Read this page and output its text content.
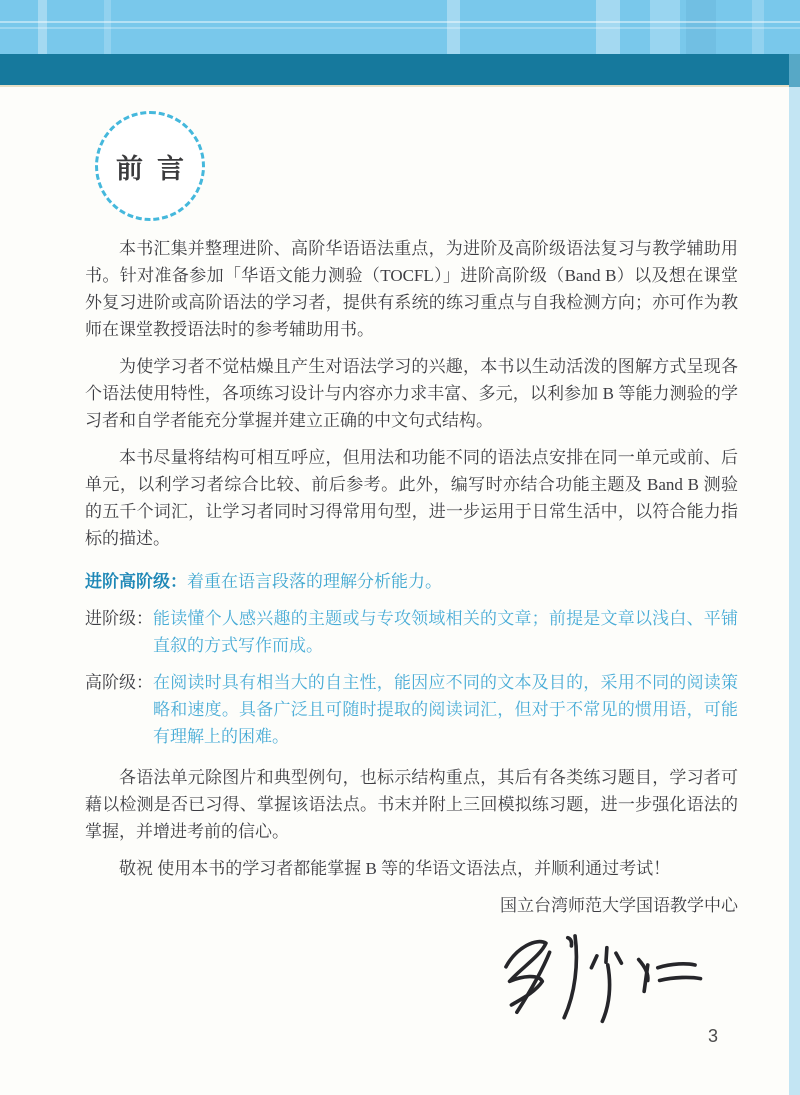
前言

本书汇集并整理进阶、高阶华语语法重点，为进阶及高阶级语法复习与教学辅助用书。针对准备参加「华语文能力测验（TOCFL）」进阶高阶级（Band B）以及想在课堂外复习进阶或高阶语法的学习者，提供有系统的练习重点与自我检测方向；亦可作为教师在课堂教授语法时的参考辅助用书。

为使学习者不觉枯燥且产生对语法学习的兴趣，本书以生动活泼的图解方式呈现各个语法使用特性，各项练习设计与内容亦力求丰富、多元，以利参加 B 等能力测验的学习者和自学者能充分掌握并建立正确的中文句式结构。

本书尽量将结构可相互呼应，但用法和功能不同的语法点安排在同一单元或前、后单元，以利学习者综合比较、前后参考。此外，编写时亦结合功能主题及 Band B 测验的五千个词汇，让学习者同时习得常用句型，进一步运用于日常生活中，以符合能力指标的描述。

进阶高阶级： 着重在语言段落的理解分析能力。
进阶级： 能读懂个人感兴趣的主题或与专攻领域相关的文章；前提是文章以浅白、平铺直叙的方式写作而成。
高阶级： 在阅读时具有相当大的自主性，能因应不同的文本及目的，采用不同的阅读策略和速度。具备广泛且可随时提取的阅读词汇，但对于不常见的惯用语，可能有理解上的困难。

各语法单元除图片和典型例句，也标示结构重点，其后有各类练习题目，学习者可藉以检测是否已习得、掌握该语法点。书末并附上三回模拟练习题，进一步强化语法的掌握，并增进考前的信心。

敬祝 使用本书的学习者都能掌握 B 等的华语文语法点，并顺利通过考试！

国立台湾师范大学国语教学中心

3
